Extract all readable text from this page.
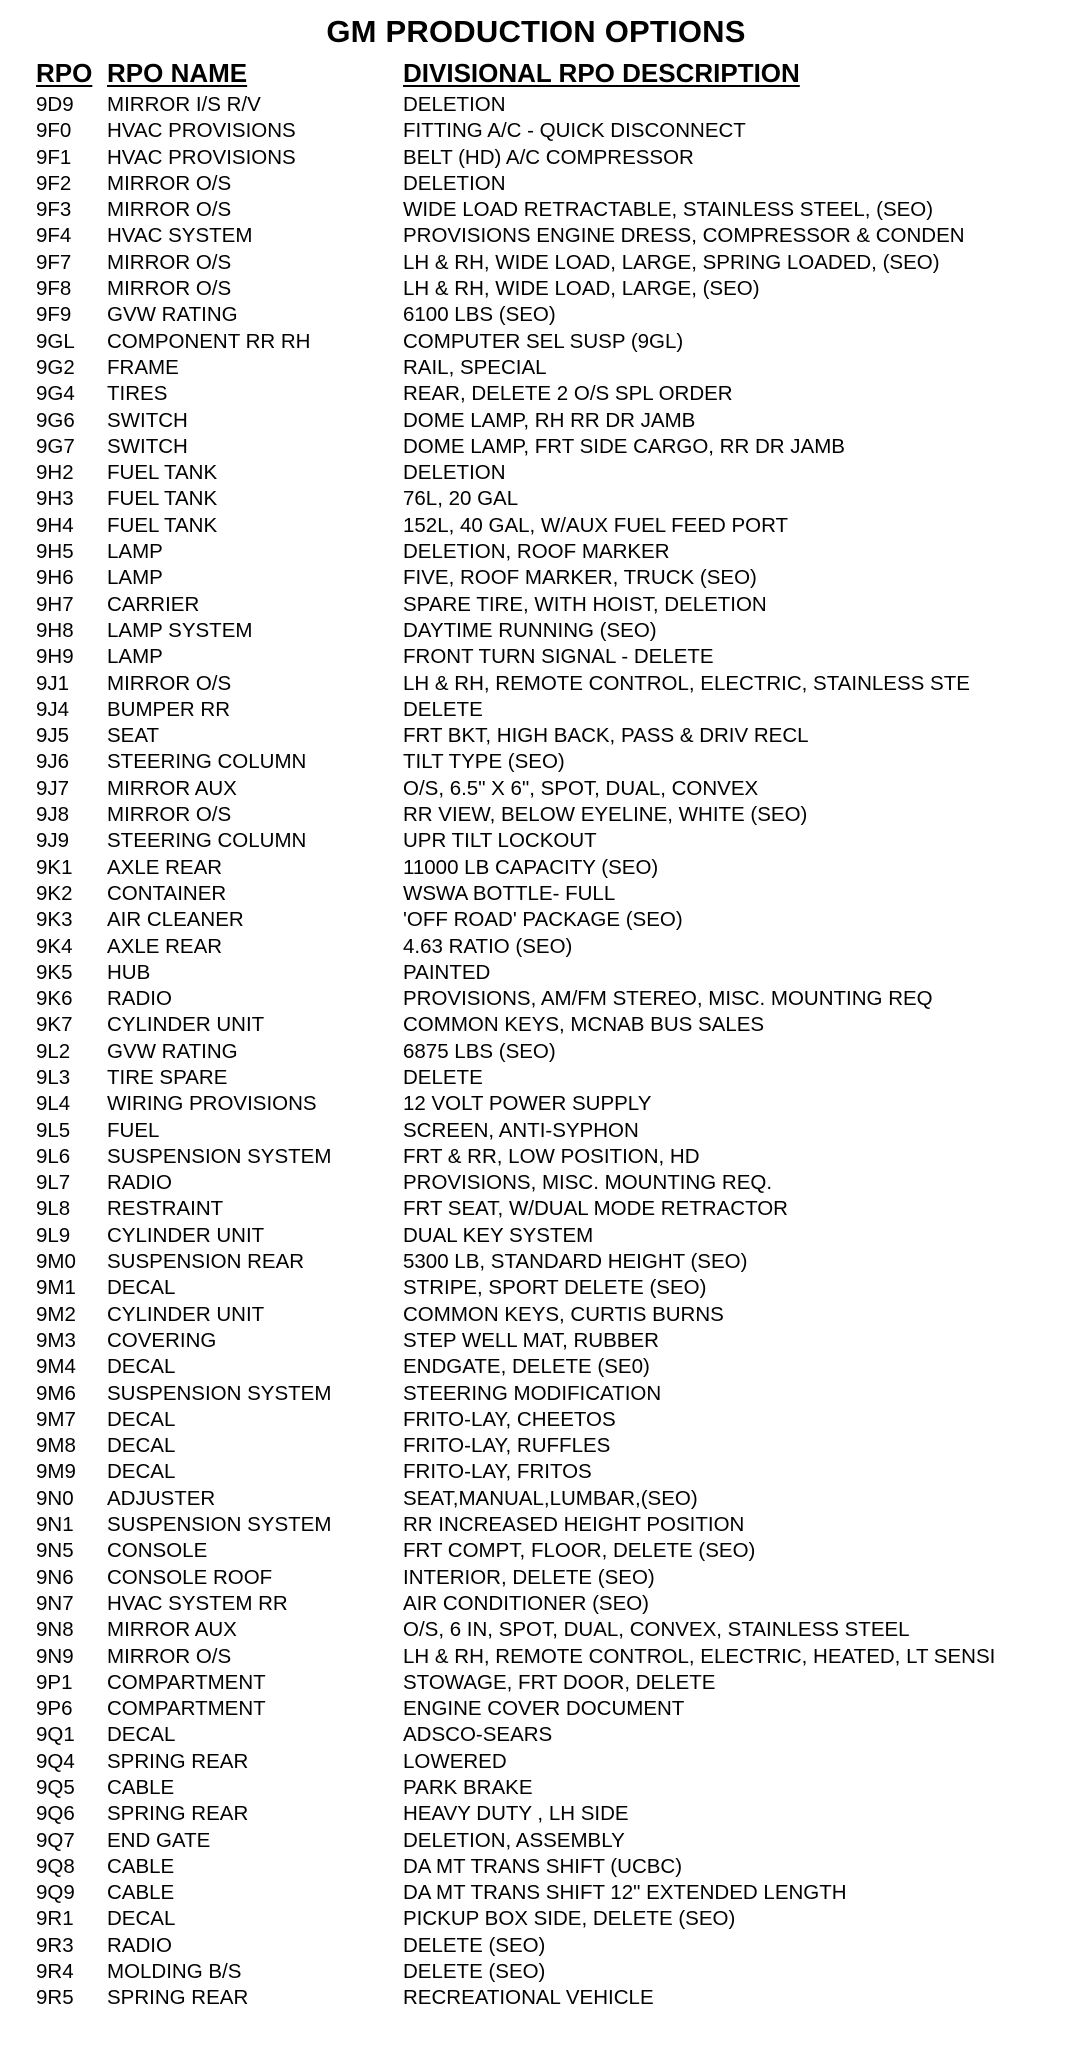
GM PRODUCTION OPTIONS
RPO RPO NAME	DIVISIONAL RPO DESCRIPTION
9D9 MIRROR I/S R/V	DELETION
9F0 HVAC PROVISIONS	FITTING A/C - QUICK DISCONNECT
9F1 HVAC PROVISIONS	BELT (HD) A/C COMPRESSOR
9F2 MIRROR O/S	DELETION
9F3 MIRROR O/S	WIDE LOAD RETRACTABLE, STAINLESS STEEL, (SEO)
9F4 HVAC SYSTEM	PROVISIONS ENGINE DRESS, COMPRESSOR & CONDEN
9F7 MIRROR O/S	LH & RH, WIDE LOAD, LARGE, SPRING LOADED, (SEO)
9F8 MIRROR O/S	LH & RH, WIDE LOAD, LARGE, (SEO)
9F9 GVW RATING	6100 LBS (SEO)
9GL COMPONENT RR RH	COMPUTER SEL SUSP (9GL)
9G2 FRAME	RAIL, SPECIAL
9G4 TIRES	REAR, DELETE 2 O/S SPL ORDER
9G6 SWITCH	DOME LAMP, RH RR DR JAMB
9G7 SWITCH	DOME LAMP, FRT SIDE CARGO, RR DR JAMB
9H2 FUEL TANK	DELETION
9H3 FUEL TANK	76L, 20 GAL
9H4 FUEL TANK	152L, 40 GAL, W/AUX FUEL FEED PORT
9H5 LAMP	DELETION, ROOF MARKER
9H6 LAMP	FIVE, ROOF MARKER, TRUCK (SEO)
9H7 CARRIER	SPARE TIRE, WITH HOIST, DELETION
9H8 LAMP SYSTEM	DAYTIME RUNNING (SEO)
9H9 LAMP	FRONT TURN SIGNAL - DELETE
9J1 MIRROR O/S	LH & RH, REMOTE CONTROL, ELECTRIC, STAINLESS STE
9J4 BUMPER RR	DELETE
9J5 SEAT	FRT BKT, HIGH BACK, PASS & DRIV RECL
9J6 STEERING COLUMN	TILT TYPE (SEO)
9J7 MIRROR AUX	O/S, 6.5" X 6", SPOT, DUAL, CONVEX
9J8 MIRROR O/S	RR VIEW, BELOW EYELINE, WHITE (SEO)
9J9 STEERING COLUMN	UPR TILT LOCKOUT
9K1 AXLE REAR	11000 LB CAPACITY (SEO)
9K2 CONTAINER	WSWA BOTTLE- FULL
9K3 AIR CLEANER	'OFF ROAD' PACKAGE (SEO)
9K4 AXLE REAR	4.63 RATIO (SEO)
9K5 HUB	PAINTED
9K6 RADIO	PROVISIONS, AM/FM STEREO, MISC. MOUNTING REQ
9K7 CYLINDER UNIT	COMMON KEYS, MCNAB BUS SALES
9L2 GVW RATING	6875 LBS (SEO)
9L3 TIRE SPARE	DELETE
9L4 WIRING PROVISIONS	12 VOLT POWER SUPPLY
9L5 FUEL	SCREEN, ANTI-SYPHON
9L6 SUSPENSION SYSTEM	FRT & RR, LOW POSITION, HD
9L7 RADIO	PROVISIONS, MISC. MOUNTING REQ.
9L8 RESTRAINT	FRT SEAT, W/DUAL MODE RETRACTOR
9L9 CYLINDER UNIT	DUAL KEY SYSTEM
9M0 SUSPENSION REAR	5300 LB, STANDARD HEIGHT (SEO)
9M1 DECAL	STRIPE, SPORT DELETE (SEO)
9M2 CYLINDER UNIT	COMMON KEYS, CURTIS BURNS
9M3 COVERING	STEP WELL MAT, RUBBER
9M4 DECAL	ENDGATE, DELETE (SE0)
9M6 SUSPENSION SYSTEM	STEERING MODIFICATION
9M7 DECAL	FRITO-LAY, CHEETOS
9M8 DECAL	FRITO-LAY, RUFFLES
9M9 DECAL	FRITO-LAY, FRITOS
9N0 ADJUSTER	SEAT,MANUAL,LUMBAR,(SEO)
9N1 SUSPENSION SYSTEM	RR INCREASED HEIGHT POSITION
9N5 CONSOLE	FRT COMPT, FLOOR, DELETE (SEO)
9N6 CONSOLE ROOF	INTERIOR, DELETE (SEO)
9N7 HVAC SYSTEM RR	AIR CONDITIONER (SEO)
9N8 MIRROR AUX	O/S, 6 IN, SPOT, DUAL, CONVEX, STAINLESS STEEL
9N9 MIRROR O/S	LH & RH, REMOTE CONTROL, ELECTRIC, HEATED, LT SENSI
9P1 COMPARTMENT	STOWAGE, FRT DOOR, DELETE
9P6 COMPARTMENT	ENGINE COVER DOCUMENT
9Q1 DECAL	ADSCO-SEARS
9Q4 SPRING REAR	LOWERED
9Q5 CABLE	PARK BRAKE
9Q6 SPRING REAR	HEAVY DUTY , LH SIDE
9Q7 END GATE	DELETION, ASSEMBLY
9Q8 CABLE	DA MT TRANS SHIFT (UCBC)
9Q9 CABLE	DA MT TRANS SHIFT 12" EXTENDED LENGTH
9R1 DECAL	PICKUP BOX SIDE, DELETE (SEO)
9R3 RADIO	DELETE (SEO)
9R4 MOLDING B/S	DELETE (SEO)
9R5 SPRING REAR	RECREATIONAL VEHICLE
